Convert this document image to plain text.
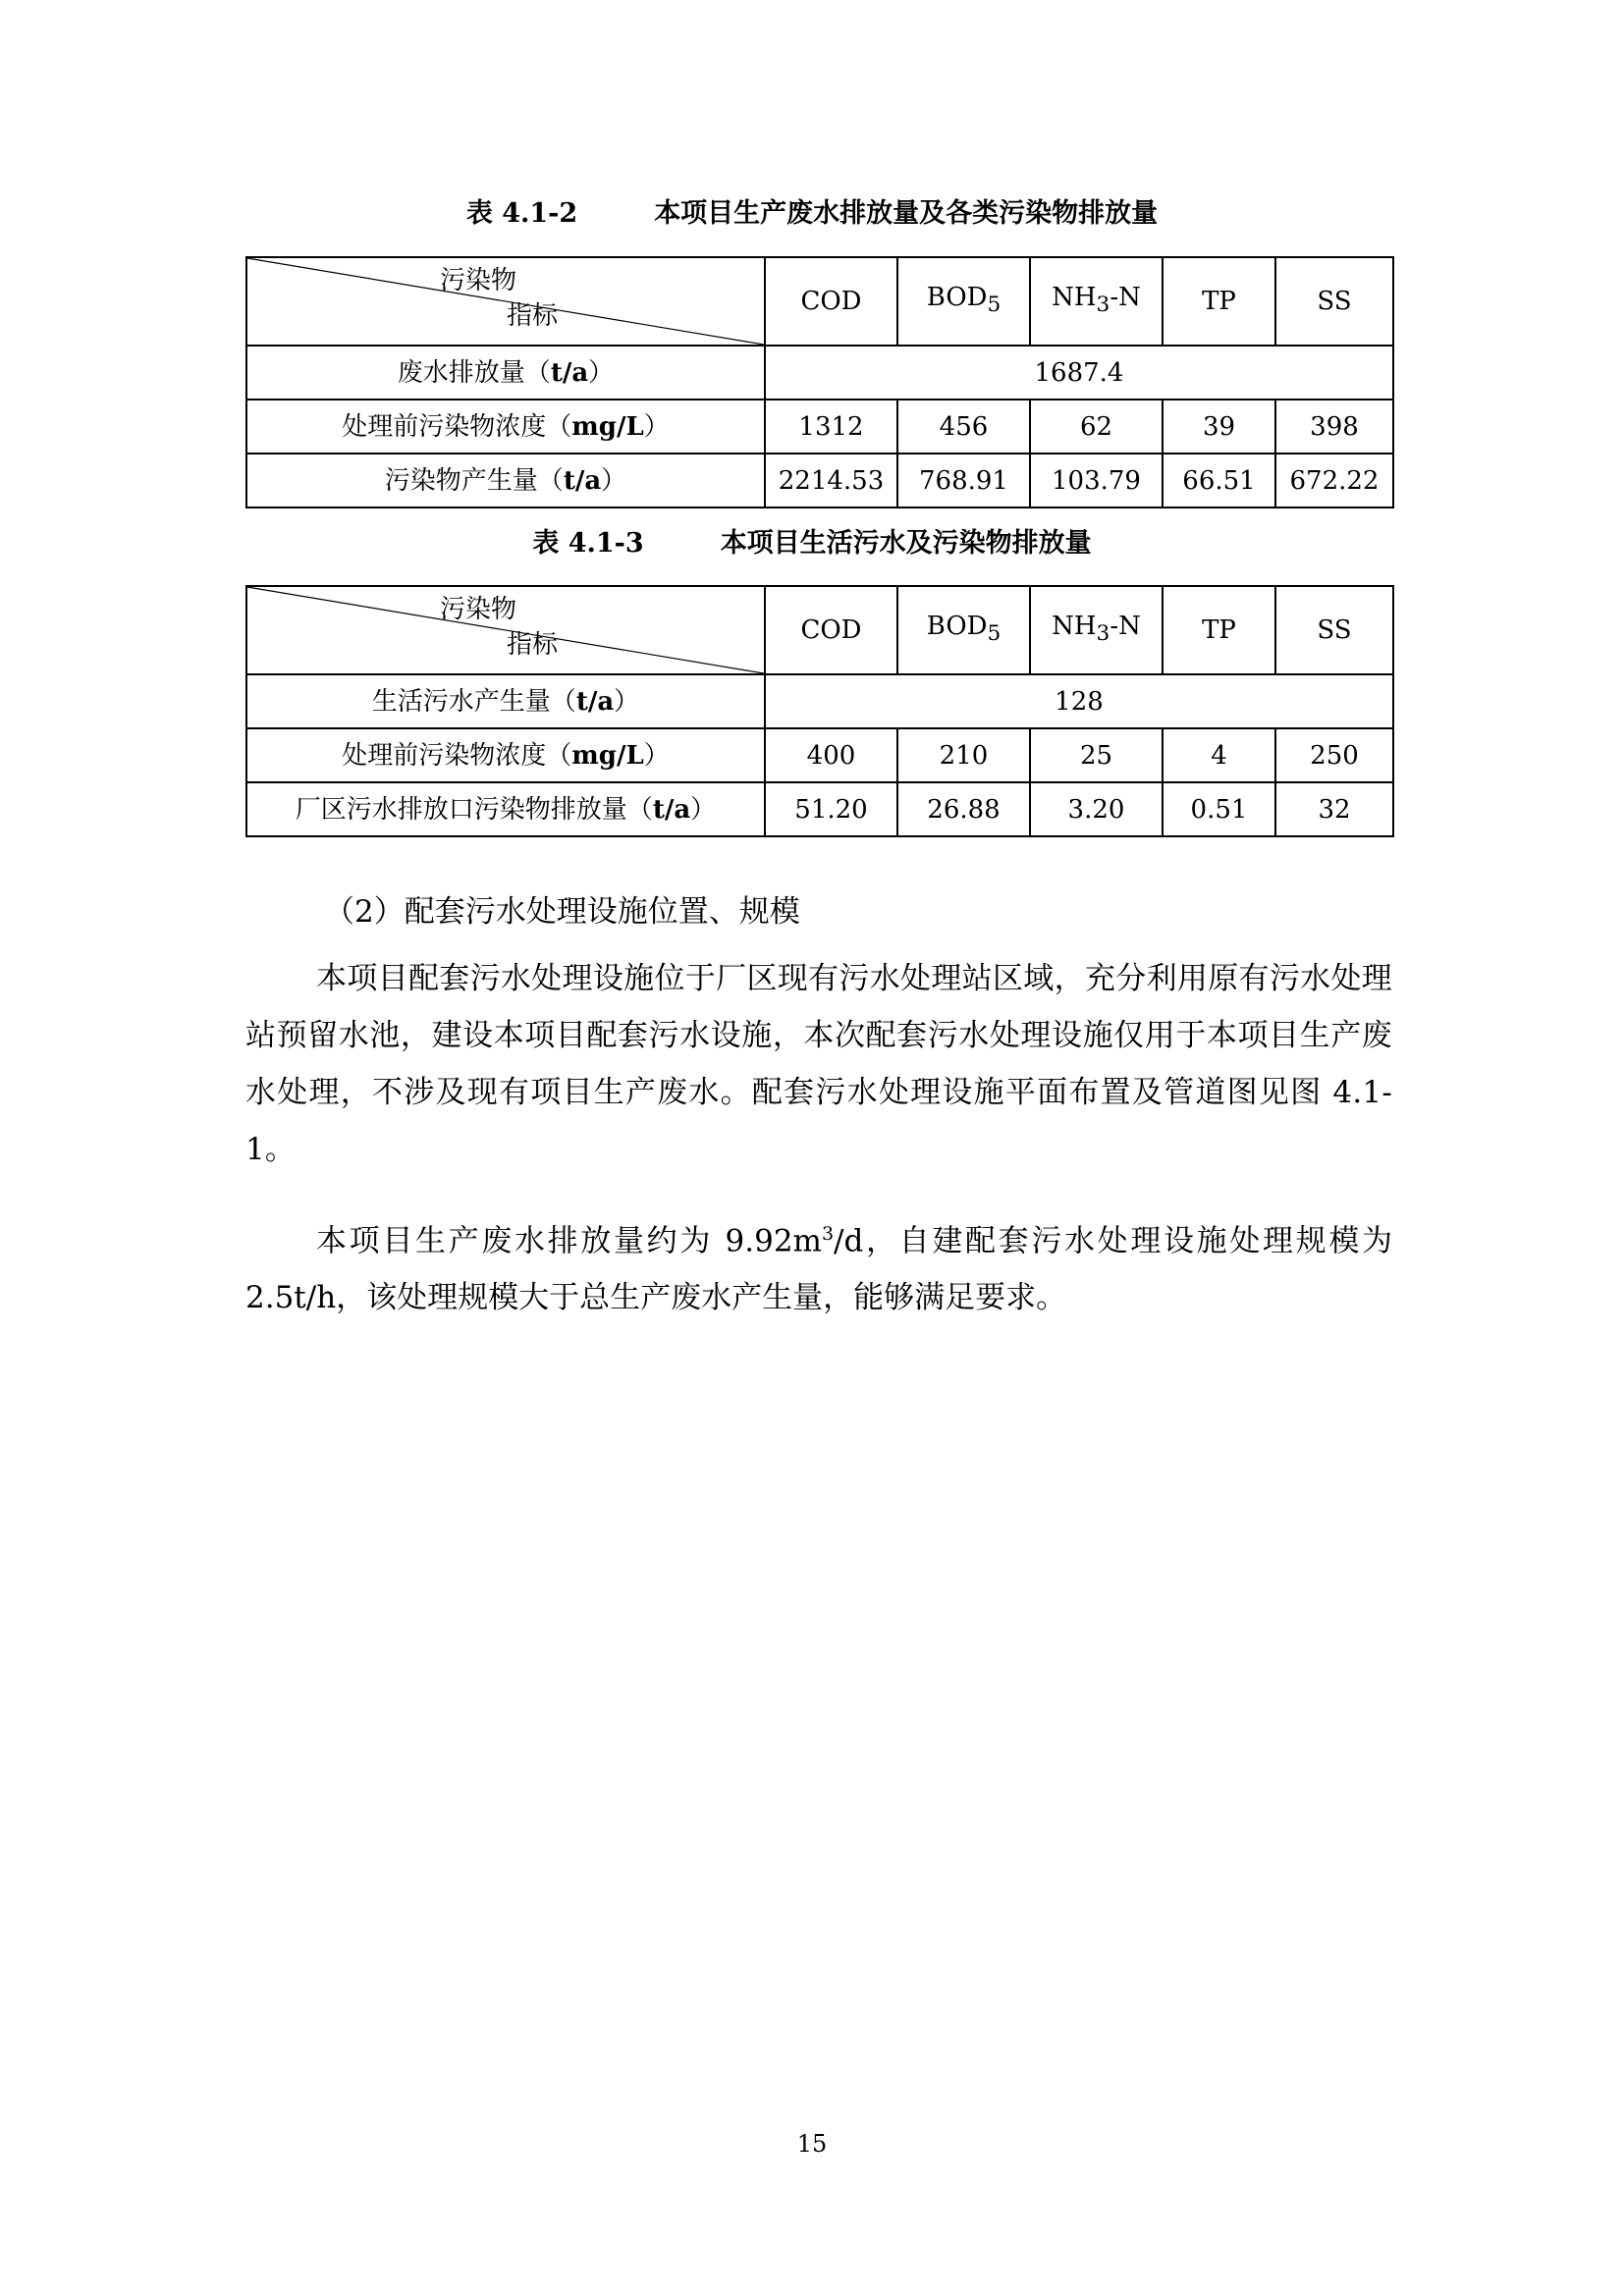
表 4.1-2	本项目生产废水排放量及各类污染物排放量
污染物
指标	COD	$BOD_5$	$NH_3-N$	TP	SS
废水排放量（t/a）	1687.4				
处理前污染物浓度（mg/L）	1312	456	62	39	398
污染物产生量（t/a）	2214.53	768.91	103.79	66.51	672.22
表 4.1-3	本项目生活污水及污染物排放量
污染物
指标	COD	$BOD_5$	$NH_3-N$	TP	SS
生活污水产生量（t/a）	128				
处理前污染物浓度（mg/L）	400	210	25	4	250
厂区污水排放口污染物排放量（t/a）	51.20	26.88	3.20	0.51	32
（2）配套污水处理设施位置、规模
本项目配套污水处理设施位于厂区现有污水处理站区域，充分利用原有污水处理站预留水池，建设本项目配套污水设施，本次配套污水处理设施仅用于本项目生产废水处理，不涉及现有项目生产废水。配套污水处理设施平面布置及管道图见图 4.1-1。
本项目生产废水排放量约为 $9.92m^3/d$，自建配套污水处理设施处理规模为 2.5t/h，该处理规模大于总生产废水产生量，能够满足要求。
15
